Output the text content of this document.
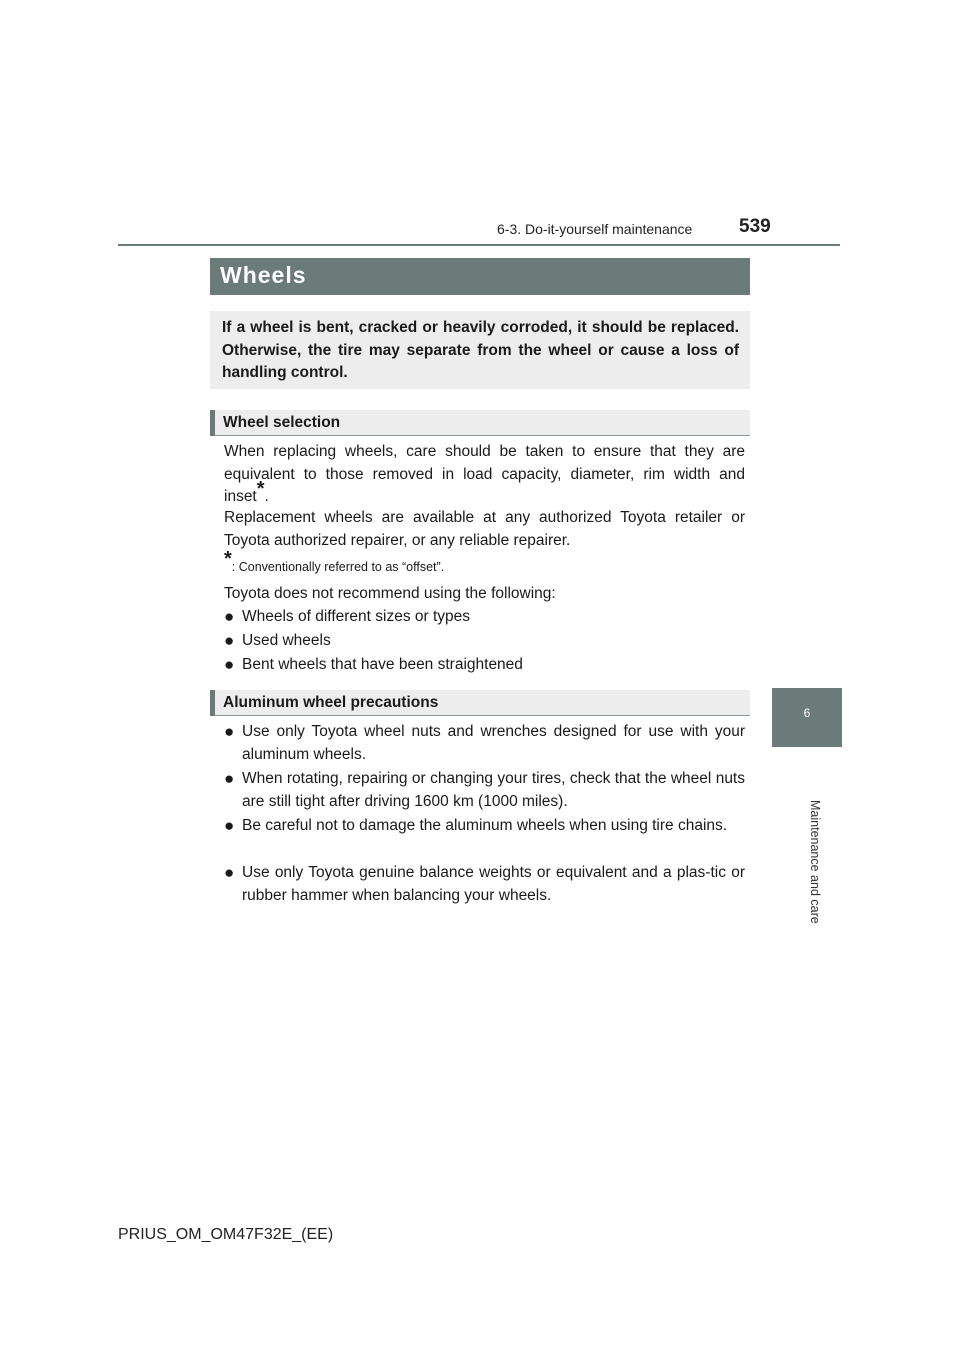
6-3. Do-it-yourself maintenance 539
Wheels
If a wheel is bent, cracked or heavily corroded, it should be replaced. Otherwise, the tire may separate from the wheel or cause a loss of handling control.
Wheel selection
When replacing wheels, care should be taken to ensure that they are equivalent to those removed in load capacity, diameter, rim width and inset*.
Replacement wheels are available at any authorized Toyota retailer or Toyota authorized repairer, or any reliable repairer.
*: Conventionally referred to as “offset”.
Toyota does not recommend using the following:
● Wheels of different sizes or types
● Used wheels
● Bent wheels that have been straightened
Aluminum wheel precautions
● Use only Toyota wheel nuts and wrenches designed for use with your aluminum wheels.
● When rotating, repairing or changing your tires, check that the wheel nuts are still tight after driving 1600 km (1000 miles).
● Be careful not to damage the aluminum wheels when using tire chains.
● Use only Toyota genuine balance weights or equivalent and a plas-tic or rubber hammer when balancing your wheels.
6
Maintenance and care
PRIUS_OM_OM47F32E_(EE)
